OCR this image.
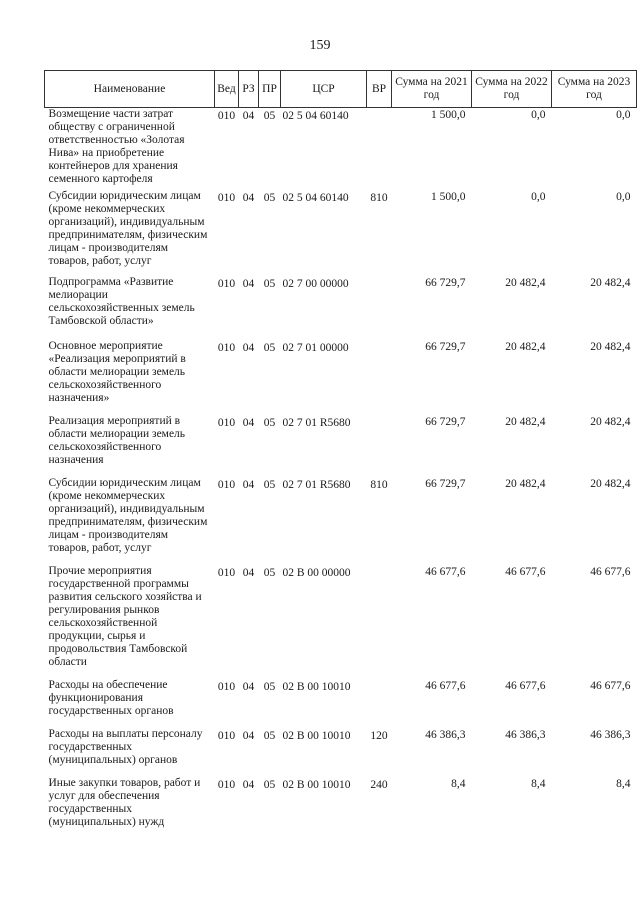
159
Наименование	Вед	РЗ	ПР	ЦСР	ВР	Сумма на 2021 год	Сумма на 2022 год	Сумма на 2023 год
Возмещение части затрат обществу с ограниченной ответственностью «Золотая Нива» на приобретение контейнеров для хранения семенного картофеля	010	04	05	02 5 04 60140		1 500,0	0,0	0,0
Субсидии юридическим лицам (кроме некоммерческих организаций), индивидуальным предпринимателям, физическим лицам - производителям товаров, работ, услуг	010	04	05	02 5 04 60140	810	1 500,0	0,0	0,0
Подпрограмма «Развитие мелиорации сельскохозяйственных земель Тамбовской области»	010	04	05	02 7 00 00000		66 729,7	20 482,4	20 482,4
Основное мероприятие «Реализация мероприятий в области мелиорации земель сельскохозяйственного назначения»	010	04	05	02 7 01 00000		66 729,7	20 482,4	20 482,4
Реализация мероприятий в области мелиорации земель сельскохозяйственного назначения	010	04	05	02 7 01 R5680		66 729,7	20 482,4	20 482,4
Субсидии юридическим лицам (кроме некоммерческих организаций), индивидуальным предпринимателям, физическим лицам - производителям товаров, работ, услуг	010	04	05	02 7 01 R5680	810	66 729,7	20 482,4	20 482,4
Прочие мероприятия государственной программы развития сельского хозяйства и регулирования рынков сельскохозяйственной продукции, сырья и продовольствия Тамбовской области	010	04	05	02 В 00 00000		46 677,6	46 677,6	46 677,6
Расходы на обеспечение функционирования государственных органов	010	04	05	02 В 00 10010		46 677,6	46 677,6	46 677,6
Расходы на выплаты персоналу государственных (муниципальных) органов	010	04	05	02 В 00 10010	120	46 386,3	46 386,3	46 386,3
Иные закупки товаров, работ и услуг для обеспечения государственных (муниципальных) нужд	010	04	05	02 В 00 10010	240	8,4	8,4	8,4
